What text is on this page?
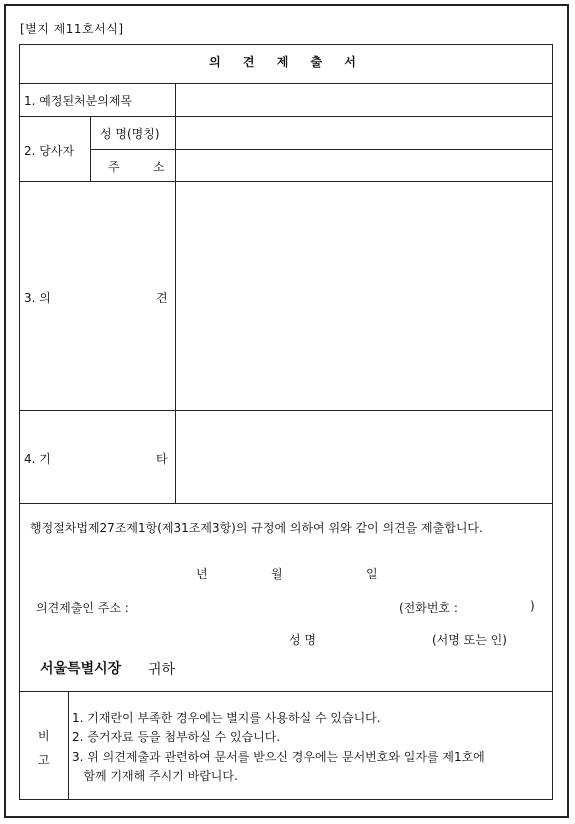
[별지 제11호서식]
의 견 제 출 서
1. 예정된처분의제목
2. 당사자
성 명(명칭)
주	소
3. 의	견
4. 기	타
행정절차법제27조제1항(제31조제3항)의 규정에 의하여 위와 같이 의견을 제출합니다.
년	월	일
의견제출인 주소 :	(전화번호 :	)
성 명	(서명 또는 인)
서울특별시장 귀하
비
고
1. 기재란이 부족한 경우에는 별지를 사용하실 수 있습니다.
2. 증거자료 등을 첨부하실 수 있습니다.
3. 위 의견제출과 관련하여 문서를 받으신 경우에는 문서번호와 일자를 제1호에
함께 기재해 주시기 바랍니다.
